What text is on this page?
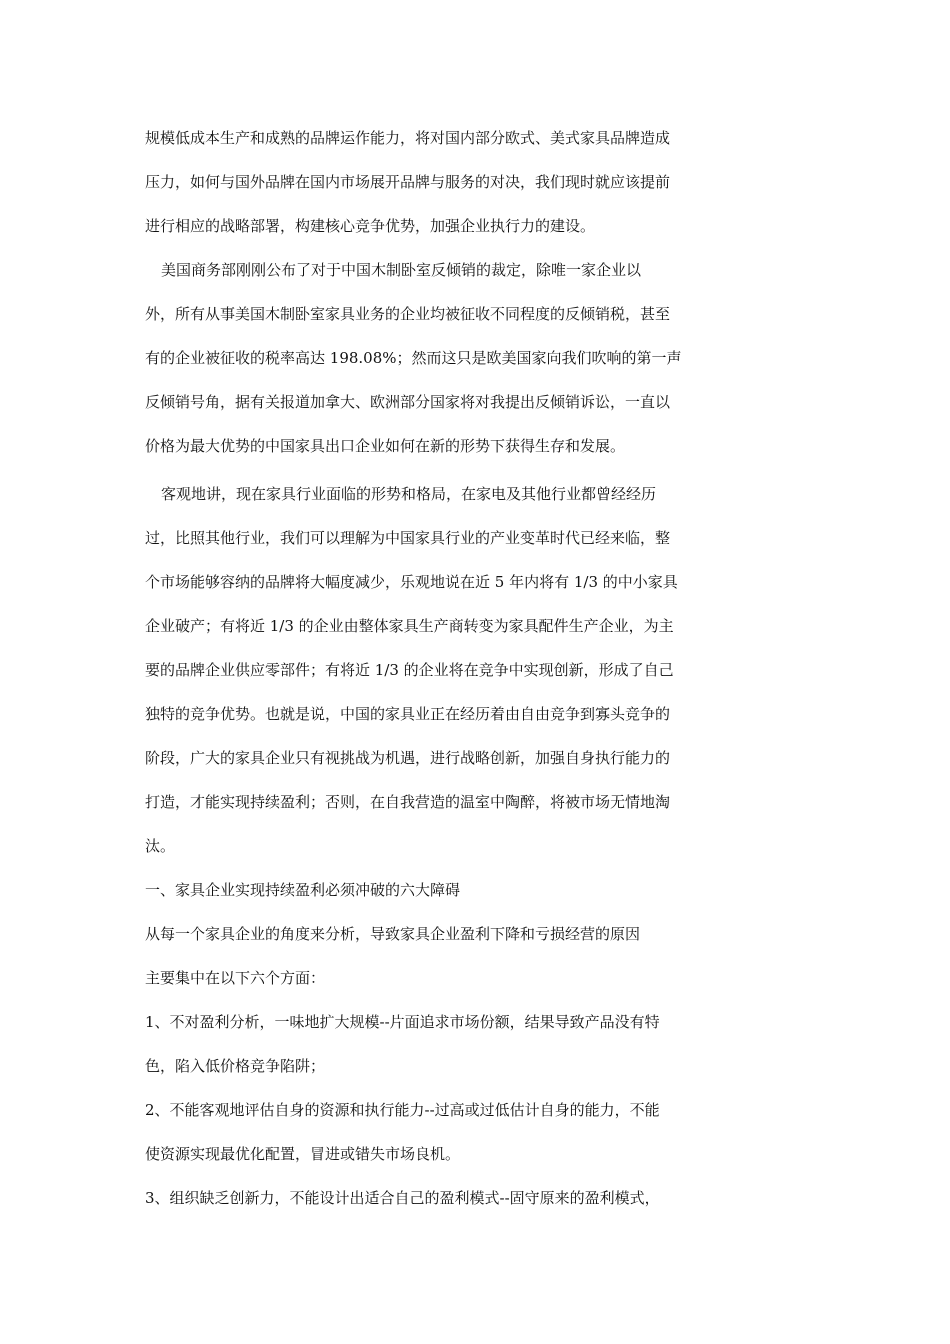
规模低成本生产和成熟的品牌运作能力，将对国内部分欧式、美式家具品牌造成
压力，如何与国外品牌在国内市场展开品牌与服务的对决，我们现时就应该提前
进行相应的战略部署，构建核心竞争优势，加强企业执行力的建设。
美国商务部刚刚公布了对于中国木制卧室反倾销的裁定，除唯一家企业以
外，所有从事美国木制卧室家具业务的企业均被征收不同程度的反倾销税，甚至
有的企业被征收的税率高达 198.08%；然而这只是欧美国家向我们吹响的第一声
反倾销号角，据有关报道加拿大、欧洲部分国家将对我提出反倾销诉讼，一直以
价格为最大优势的中国家具出口企业如何在新的形势下获得生存和发展。
客观地讲，现在家具行业面临的形势和格局，在家电及其他行业都曾经经历
过，比照其他行业，我们可以理解为中国家具行业的产业变革时代已经来临，整
个市场能够容纳的品牌将大幅度减少，乐观地说在近 5 年内将有 1/3 的中小家具
企业破产；有将近 1/3 的企业由整体家具生产商转变为家具配件生产企业，为主
要的品牌企业供应零部件；有将近 1/3 的企业将在竞争中实现创新，形成了自己
独特的竞争优势。也就是说，中国的家具业正在经历着由自由竞争到寡头竞争的
阶段，广大的家具企业只有视挑战为机遇，进行战略创新，加强自身执行能力的
打造，才能实现持续盈利；否则，在自我营造的温室中陶醉，将被市场无情地淘
汰。
一、家具企业实现持续盈利必须冲破的六大障碍
从每一个家具企业的角度来分析，导致家具企业盈利下降和亏损经营的原因
主要集中在以下六个方面：
1、不对盈利分析，一味地扩大规模--片面追求市场份额，结果导致产品没有特
色，陷入低价格竞争陷阱；
2、不能客观地评估自身的资源和执行能力--过高或过低估计自身的能力，不能
使资源实现最优化配置，冒进或错失市场良机。
3、组织缺乏创新力，不能设计出适合自己的盈利模式--固守原来的盈利模式，
